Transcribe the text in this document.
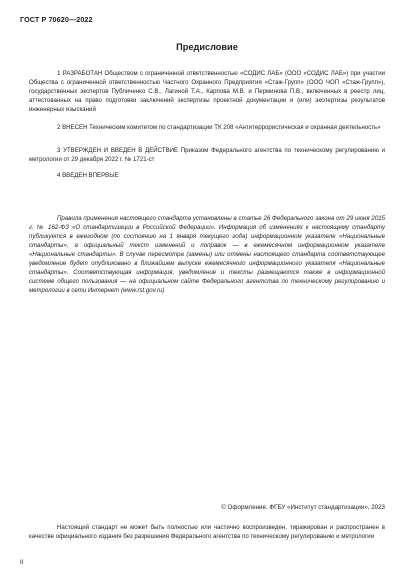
ГОСТ Р 70620—2022
Предисловие

1 РАЗРАБОТАН Обществом с ограниченной ответственностью «СОДИС ЛАБ» (ООО «СОДИС ЛАБ») при участии Общества с ограниченной ответственностью Частного Охранного Предприятия «Стаж-Групп» (ООО ЧОП «Стаж-Групп»), государственных экспертов Публиченко С.В., Лагиной Т.А., Карпова М.В. и Перминова П.В., включенных в реестр лиц, аттестованных на право подготовки заключений экспертизы проектной документации и (или) экспертизы результатов инженерных изысканий

2 ВНЕСЕН Техническим комитетом по стандартизации ТК 208 «Антитеррористическая и охранная деятельность»

3 УТВЕРЖДЕН И ВВЕДЕН В ДЕЙСТВИЕ Приказом Федерального агентства по техническому регулированию и метрологии от 29 декабря 2022 г. № 1721-ст

4 ВВЕДЕН ВПЕРВЫЕ

Правила применения настоящего стандарта установлены в статье 26 Федерального закона от 29 июня 2015 г. № 162-ФЗ «О стандартизации в Российской Федерации». Информация об изменениях к настоящему стандарту публикуется в ежегодном (по состоянию на 1 января текущего года) информационном указателе «Национальные стандарты», а официальный текст изменений и поправок — в ежемесячном информационном указателе «Национальные стандарты». В случае пересмотра (замены) или отмены настоящего стандарта соответствующее уведомление будет опубликовано в ближайшем выпуске ежемесячного информационного указателя «Национальные стандарты». Соответствующая информация, уведомление и тексты размещаются также в информационной системе общего пользования — на официальном сайте Федерального агентства по техническому регулированию и метрологии в сети Интернет (www.rst.gov.ru)

© Оформление. ФГБУ «Институт стандартизации», 2023

Настоящий стандарт не может быть полностью или частично воспроизведен, тиражирован и распространен в качестве официального издания без разрешения Федерального агентства по техническому регулированию и метрологии

II
